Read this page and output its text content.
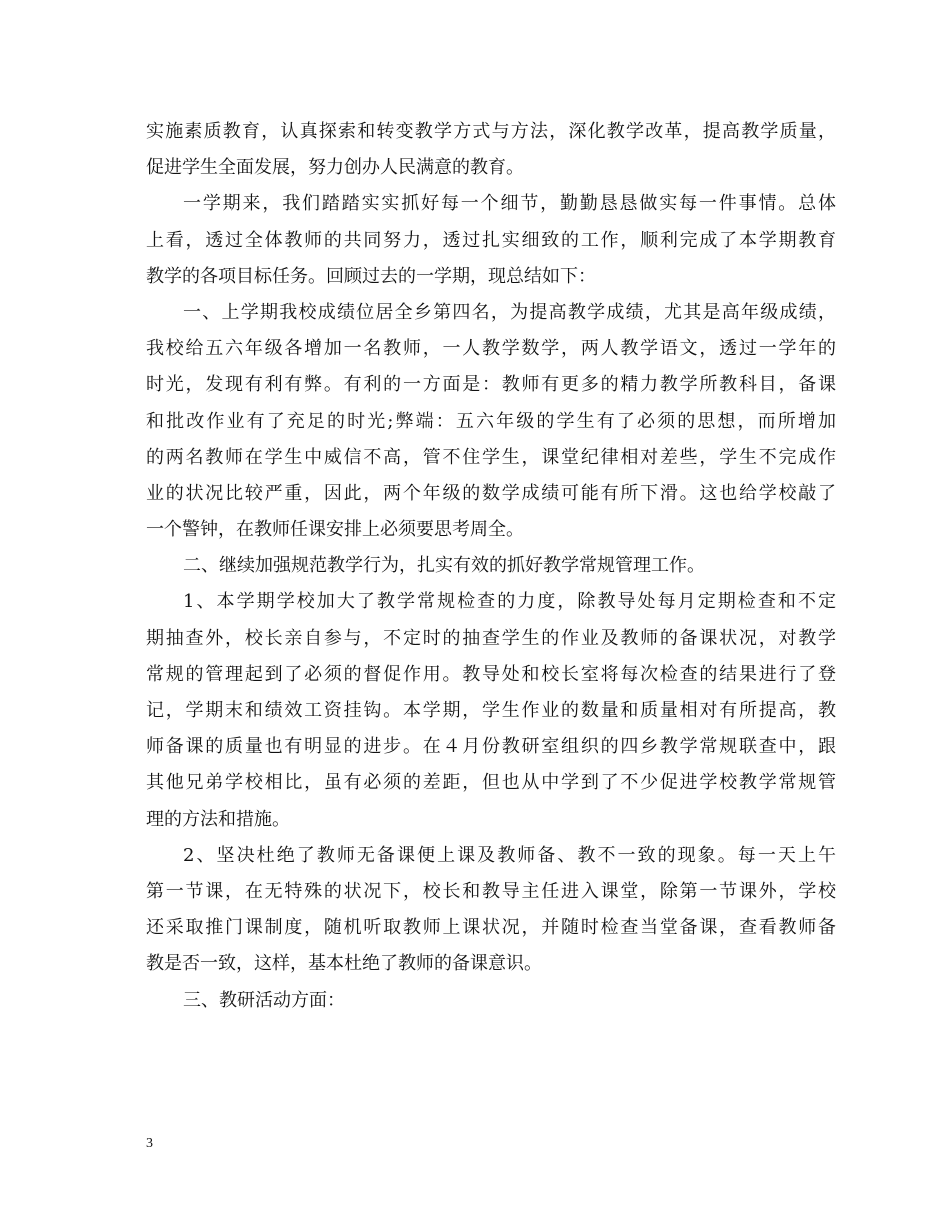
实施素质教育，认真探索和转变教学方式与方法，深化教学改革，提高教学质量，
促进学生全面发展，努力创办人民满意的教育。
一学期来，我们踏踏实实抓好每一个细节，勤勤恳恳做实每一件事情。总体
上看，透过全体教师的共同努力，透过扎实细致的工作，顺利完成了本学期教育
教学的各项目标任务。回顾过去的一学期，现总结如下：
一、上学期我校成绩位居全乡第四名，为提高教学成绩，尤其是高年级成绩，
我校给五六年级各增加一名教师，一人教学数学，两人教学语文，透过一学年的
时光，发现有利有弊。有利的一方面是：教师有更多的精力教学所教科目，备课
和批改作业有了充足的时光;弊端：五六年级的学生有了必须的思想，而所增加
的两名教师在学生中威信不高，管不住学生，课堂纪律相对差些，学生不完成作
业的状况比较严重，因此，两个年级的数学成绩可能有所下滑。这也给学校敲了
一个警钟，在教师任课安排上必须要思考周全。
二、继续加强规范教学行为，扎实有效的抓好教学常规管理工作。
1、本学期学校加大了教学常规检查的力度，除教导处每月定期检查和不定
期抽查外，校长亲自参与，不定时的抽查学生的作业及教师的备课状况，对教学
常规的管理起到了必须的督促作用。教导处和校长室将每次检查的结果进行了登
记，学期末和绩效工资挂钩。本学期，学生作业的数量和质量相对有所提高，教
师备课的质量也有明显的进步。在４月份教研室组织的四乡教学常规联查中，跟
其他兄弟学校相比，虽有必须的差距，但也从中学到了不少促进学校教学常规管
理的方法和措施。
2、坚决杜绝了教师无备课便上课及教师备、教不一致的现象。每一天上午
第一节课，在无特殊的状况下，校长和教导主任进入课堂，除第一节课外，学校
还采取推门课制度，随机听取教师上课状况，并随时检查当堂备课，查看教师备
教是否一致，这样，基本杜绝了教师的备课意识。
三、教研活动方面：
3
